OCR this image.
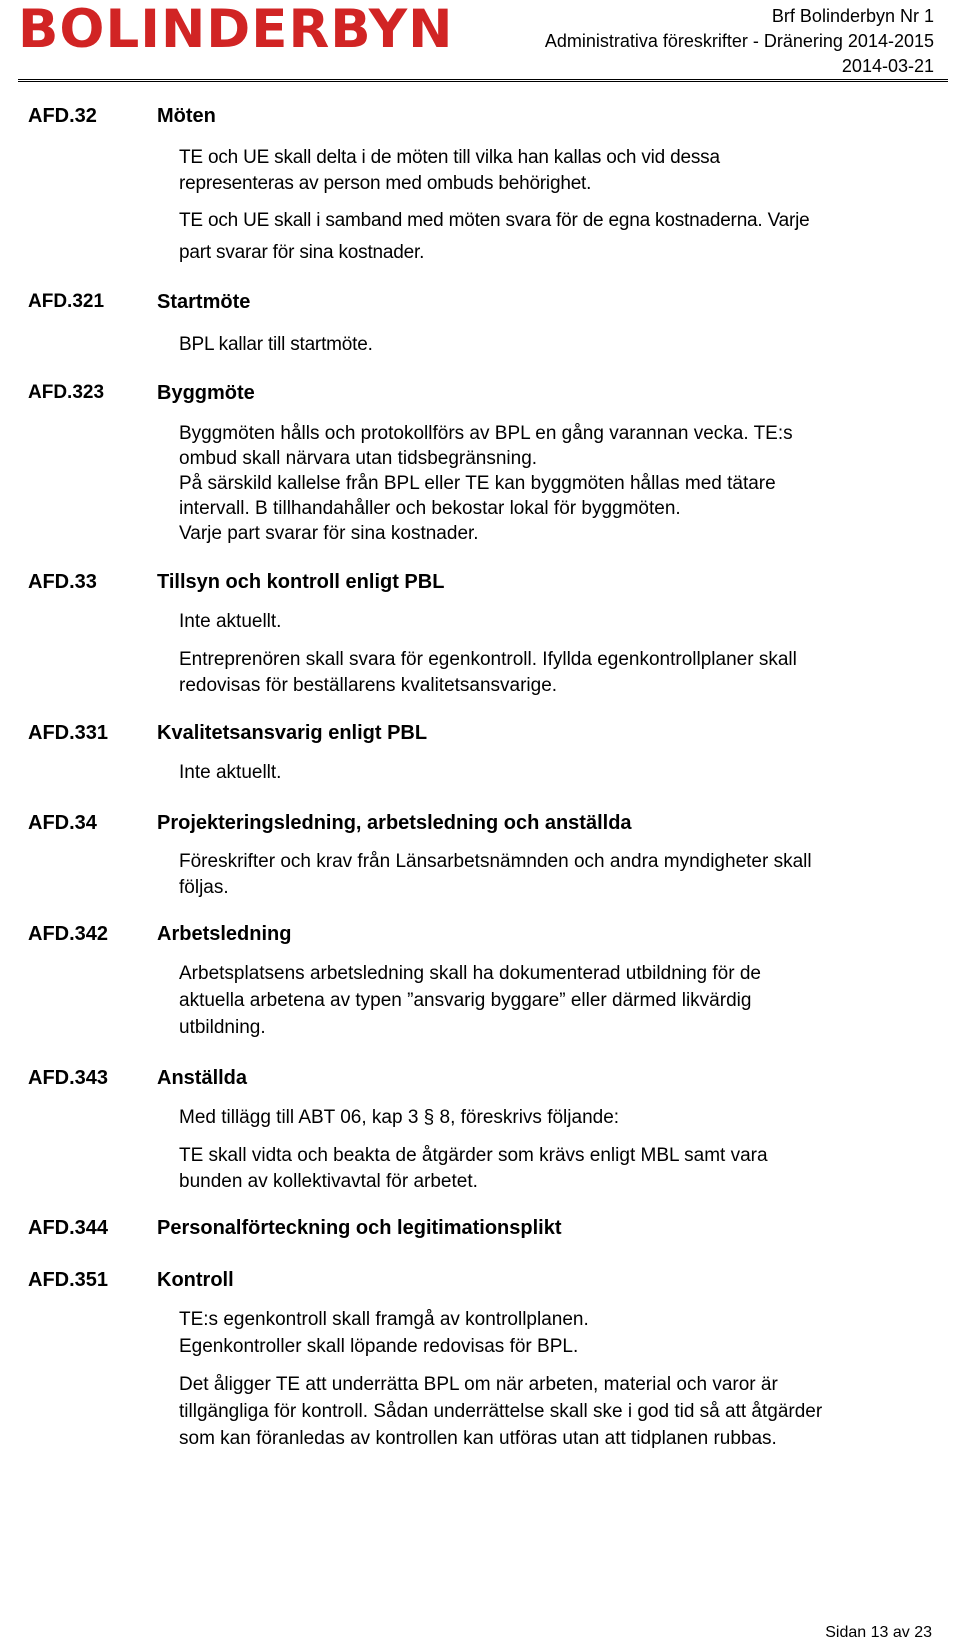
BOLINDERBYN	Brf Bolinderbyn Nr 1
Administrativa föreskrifter - Dränering 2014-2015
2014-03-21
AFD.32	Möten
TE och UE skall delta i de möten till vilka han kallas och vid dessa
representeras av person med ombuds behörighet.
TE och UE skall i samband med möten svara för de egna kostnaderna. Varje
part svarar för sina kostnader.
AFD.321	Startmöte
BPL kallar till startmöte.
AFD.323	Byggmöte
Byggmöten hålls och protokollförs av BPL en gång varannan vecka. TE:s
ombud skall närvara utan tidsbegränsning.
På särskild kallelse från BPL eller TE kan byggmöten hållas med tätare
intervall. B tillhandahåller och bekostar lokal för byggmöten.
Varje part svarar för sina kostnader.
AFD.33	Tillsyn och kontroll enligt PBL
Inte aktuellt.
Entreprenören skall svara för egenkontroll. Ifyllda egenkontrollplaner skall
redovisas för beställarens kvalitetsansvarige.
AFD.331 Kvalitetsansvarig enligt PBL
Inte aktuellt.
AFD.34	Projekteringsledning, arbetsledning och anställda
Föreskrifter och krav från Länsarbetsnämnden och andra myndigheter skall
följas.
AFD.342 Arbetsledning
Arbetsplatsens arbetsledning skall ha dokumenterad utbildning för de
aktuella arbetena av typen ”ansvarig byggare” eller därmed likvärdig
utbildning.
AFD.343 Anställda
Med tillägg till ABT 06, kap 3 § 8, föreskrivs följande:
TE skall vidta och beakta de åtgärder som krävs enligt MBL samt vara
bunden av kollektivavtal för arbetet.
AFD.344 Personalförteckning och legitimationsplikt
AFD.351 Kontroll
TE:s egenkontroll skall framgå av kontrollplanen.
Egenkontroller skall löpande redovisas för BPL.
Det åligger TE att underrätta BPL om när arbeten, material och varor är
tillgängliga för kontroll. Sådan underrättelse skall ske i god tid så att åtgärder
som kan föranledas av kontrollen kan utföras utan att tidplanen rubbas.
Sidan 13 av 23
